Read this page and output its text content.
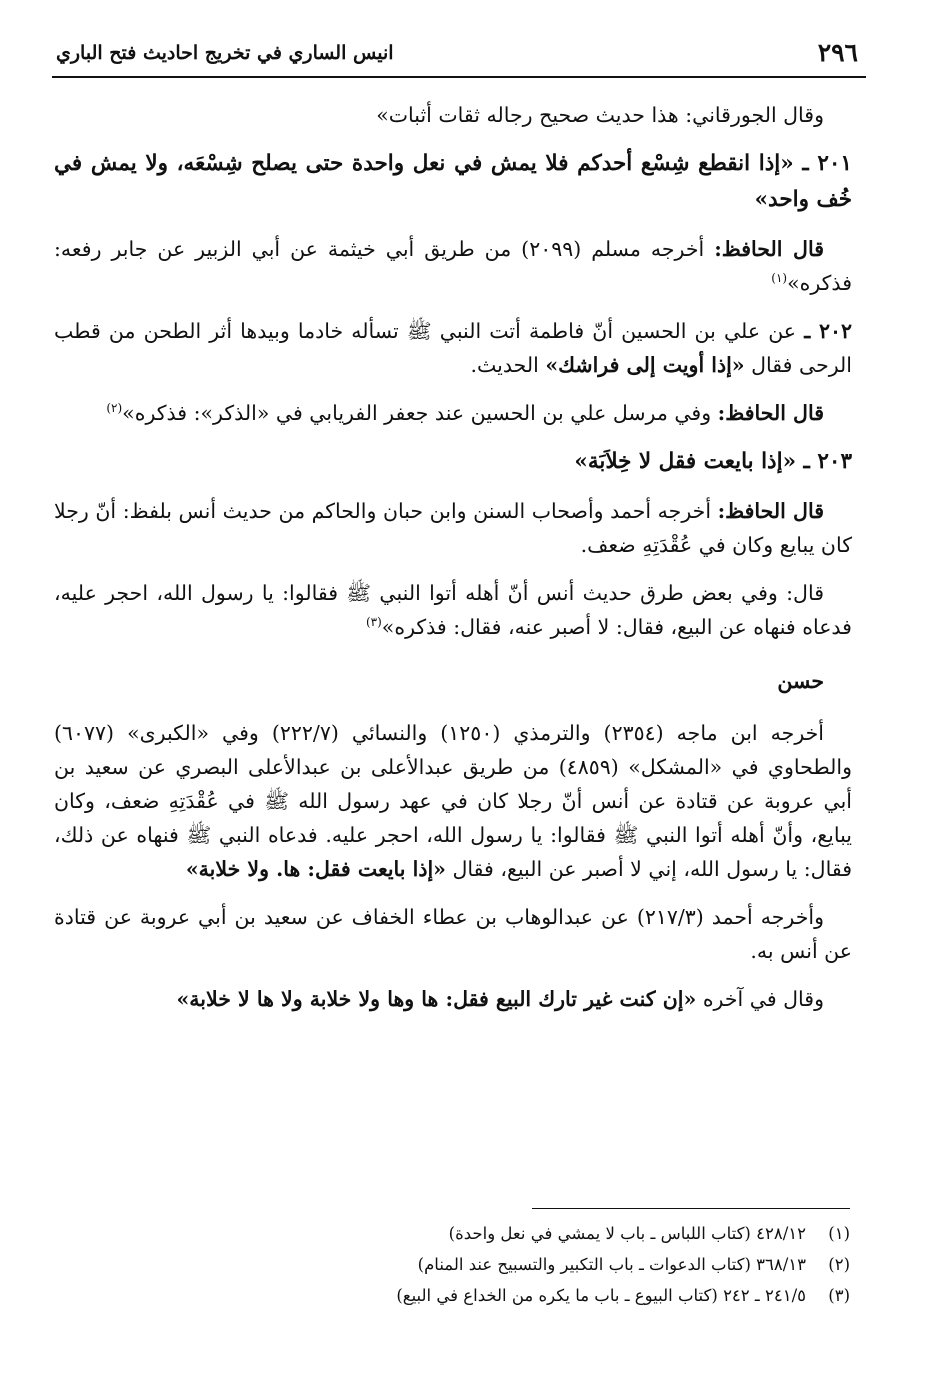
٢٩٦
انيس الساري في تخريج احاديث فتح الباري

وقال الجورقاني: هذا حديث صحيح رجاله ثقات أثبات»

٢٠١ ـ «إذا انقطع شِسْع أحدكم فلا يمش في نعل واحدة حتى يصلح شِسْعَه، ولا يمش في خُف واحد»

قال الحافظ: أخرجه مسلم (٢٠٩٩) من طريق أبي خيثمة عن أبي الزبير عن جابر رفعه: فذكره»$^{(١)}$

٢٠٢ ـ عن علي بن الحسين أنّ فاطمة أتت النبي ﷺ تسأله خادما وبيدها أثر الطحن من قطب الرحى فقال «إذا أويت إلى فراشك» الحديث.

قال الحافظ: وفي مرسل علي بن الحسين عند جعفر الفريابي في «الذكر»: فذكره»$^{(٢)}$

٢٠٣ ـ «إذا بايعت فقل لا خِلاَبَة»

قال الحافظ: أخرجه أحمد وأصحاب السنن وابن حبان والحاكم من حديث أنس بلفظ: أنّ رجلا كان يبايع وكان في عُقْدَتِهِ ضعف.

قال: وفي بعض طرق حديث أنس أنّ أهله أتوا النبي ﷺ فقالوا: يا رسول الله، احجر عليه، فدعاه فنهاه عن البيع، فقال: لا أصبر عنه، فقال: فذكره»$^{(٣)}$

حسن

أخرجه ابن ماجه (٢٣٥٤) والترمذي (١٢٥٠) والنسائي (٢٢٢/٧) وفي «الكبرى» (٦٠٧٧) والطحاوي في «المشكل» (٤٨٥٩) من طريق عبدالأعلى بن عبدالأعلى البصري عن سعيد بن أبي عروبة عن قتادة عن أنس أنّ رجلا كان في عهد رسول الله ﷺ في عُقْدَتِهِ ضعف، وكان يبايع، وأنّ أهله أتوا النبي ﷺ فقالوا: يا رسول الله، احجر عليه. فدعاه النبي ﷺ فنهاه عن ذلك، فقال: يا رسول الله، إني لا أصبر عن البيع، فقال «إذا بايعت فقل: ها. ولا خلابة»

وأخرجه أحمد (٢١٧/٣) عن عبدالوهاب بن عطاء الخفاف عن سعيد بن أبي عروبة عن قتادة عن أنس به.

وقال في آخره «إن كنت غير تارك البيع فقل: ها وها ولا خلابة ولا ها لا خلابة»

(١)٤٢٨/١٢ (كتاب اللباس ـ باب لا يمشي في نعل واحدة)
(٢)٣٦٨/١٣ (كتاب الدعوات ـ باب التكبير والتسبيح عند المنام)
(٣)٢٤١/٥ ـ ٢٤٢ (كتاب البيوع ـ باب ما يكره من الخداع في البيع)
